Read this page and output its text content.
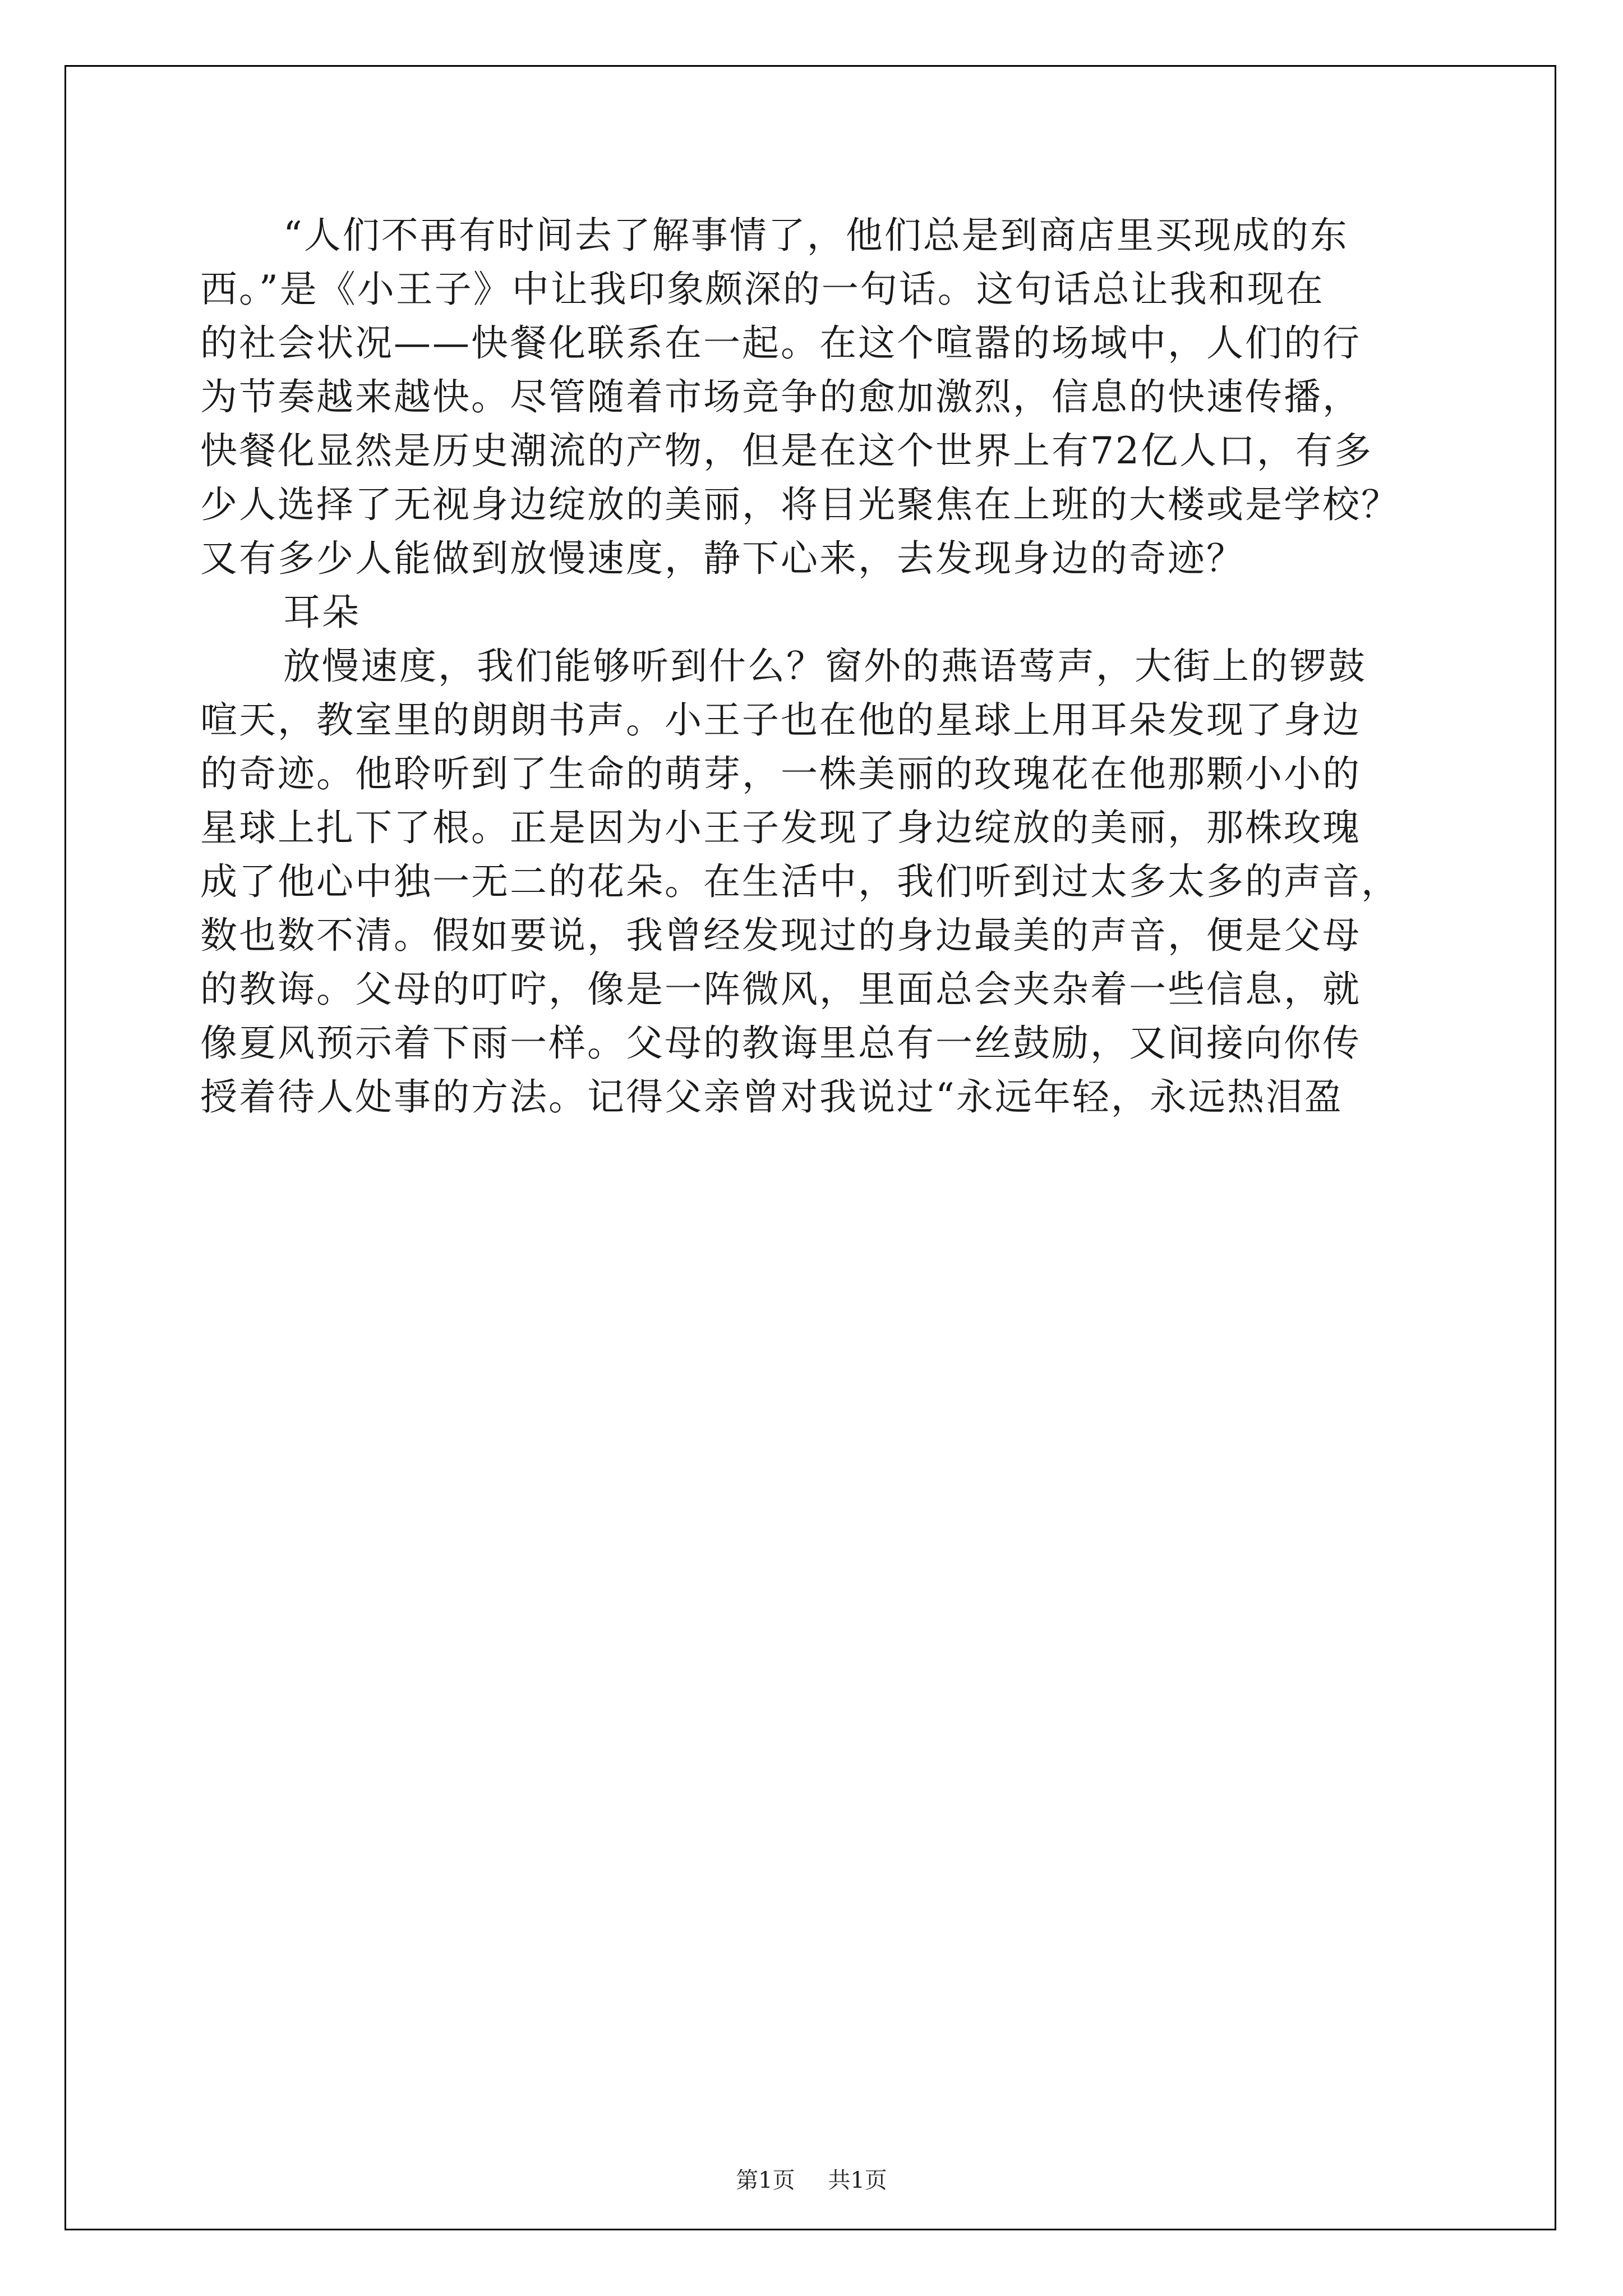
“人们不再有时间去了解事情了，他们总是到商店里买现成的东
西。”是《小王子》中让我印象颇深的一句话。这句话总让我和现在
的社会状况——快餐化联系在一起。在这个喧嚣的场域中，人们的行
为节奏越来越快。尽管随着市场竞争的愈加激烈，信息的快速传播，
快餐化显然是历史潮流的产物，但是在这个世界上有72亿人口，有多
少人选择了无视身边绽放的美丽，将目光聚焦在上班的大楼或是学校？
又有多少人能做到放慢速度，静下心来，去发现身边的奇迹？
耳朵
放慢速度，我们能够听到什么？窗外的燕语莺声，大街上的锣鼓
喧天，教室里的朗朗书声。小王子也在他的星球上用耳朵发现了身边
的奇迹。他聆听到了生命的萌芽，一株美丽的玫瑰花在他那颗小小的
星球上扎下了根。正是因为小王子发现了身边绽放的美丽，那株玫瑰
成了他心中独一无二的花朵。在生活中，我们听到过太多太多的声音，
数也数不清。假如要说，我曾经发现过的身边最美的声音，便是父母
的教诲。父母的叮咛，像是一阵微风，里面总会夹杂着一些信息，就
像夏风预示着下雨一样。父母的教诲里总有一丝鼓励，又间接向你传
授着待人处事的方法。记得父亲曾对我说过“永远年轻，永远热泪盈
第1页 共1页
